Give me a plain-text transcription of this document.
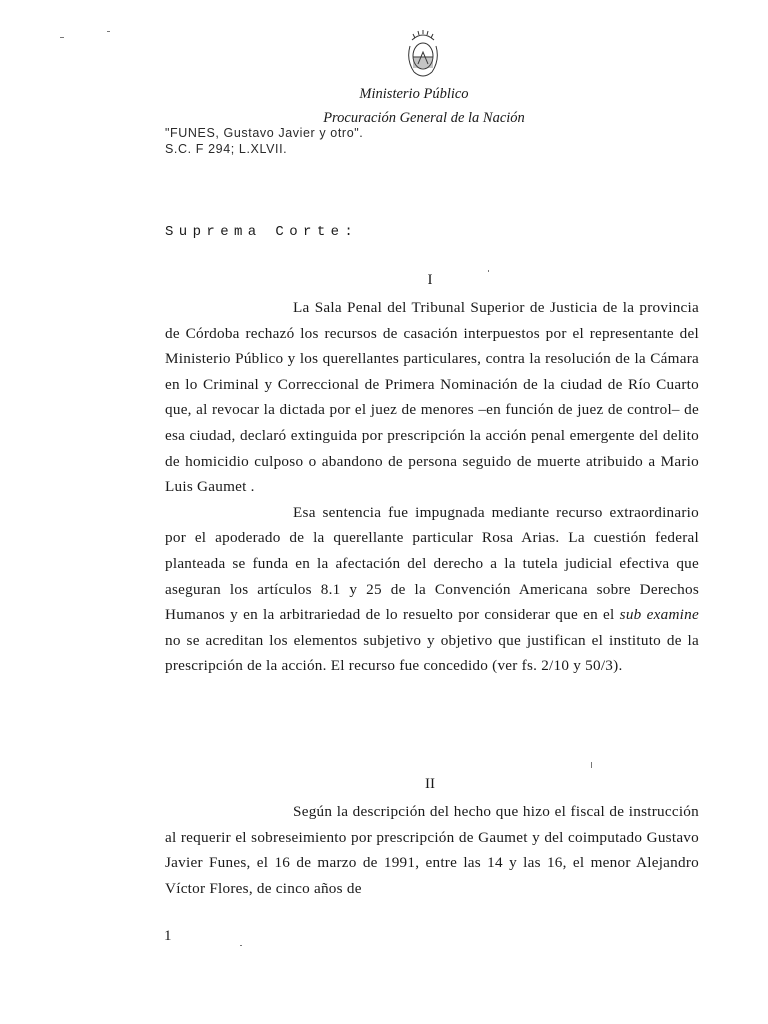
Ministerio Público
Procuración General de la Nación
"FUNES, Gustavo Javier y otro".
S.C. F 294; L.XLVII.
Suprema Corte:
I

La Sala Penal del Tribunal Superior de Justicia de la provincia de Córdoba rechazó los recursos de casación interpuestos por el representante del Ministerio Público y los querellantes particulares, contra la resolución de la Cámara en lo Criminal y Correccional de Primera Nominación de la ciudad de Río Cuarto que, al revocar la dictada por el juez de menores –en función de juez de control– de esa ciudad, declaró extinguida por prescripción la acción penal emergente del delito de homicidio culposo o abandono de persona seguido de muerte atribuido a Mario Luis Gaumet .

Esa sentencia fue impugnada mediante recurso extraordinario por el apoderado de la querellante particular Rosa Arias. La cuestión federal planteada se funda en la afectación del derecho a la tutela judicial efectiva que aseguran los artículos 8.1 y 25 de la Convención Americana sobre Derechos Humanos y en la arbitrariedad de lo resuelto por considerar que en el sub examine no se acreditan los elementos subjetivo y objetivo que justifican el instituto de la prescripción de la acción. El recurso fue concedido (ver fs. 2/10 y 50/3).

II

Según la descripción del hecho que hizo el fiscal de instrucción al requerir el sobreseimiento por prescripción de Gaumet y del coimputado Gustavo Javier Funes, el 16 de marzo de 1991, entre las 14 y las 16, el menor Alejandro Víctor Flores, de cinco años de

1
